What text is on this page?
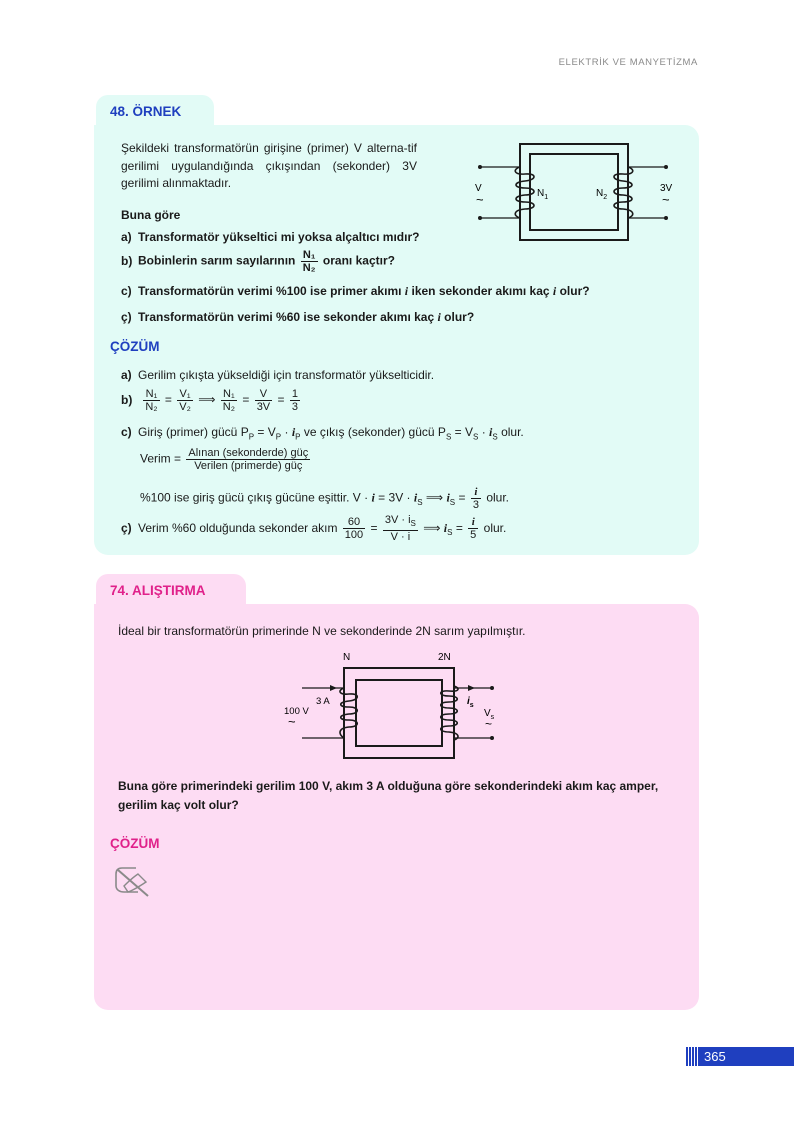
ELEKTRİK VE MANYETİZMA
48. ÖRNEK
Şekildeki transformatörün girişine (primer) V alterna-tif gerilimi uygulandığında çıkışından (sekonder) 3V gerilimi alınmaktadır.	V
~
3V
~
$N_1$	$N_2$
Buna göre
a) Transformatör yükseltici mi yoksa alçaltıcı mıdır?
b) Bobinlerin sarım sayılarının $\frac{\text{N₁}}{\text{N₂}}$ oranı kaçtır?
c) Transformatörün verimi %100 ise primer akımı i iken sekonder akımı kaç i olur?
ç) Transformatörün verimi %60 ise sekonder akımı kaç i olur?
ÇÖZÜM
a) Gerilim çıkışta yükseldiği için transformatör yükselticidir.
$b) \frac{\text{N₁}}{\text{N₂}} = \frac{\text{V₁}}{\text{V₂}}$ ⟹ $\frac{\text{N₁}}{\text{N₂}} = \frac{V}{3V} = \frac{1}{3}$
c) Giriş (primer) gücü $P_P = V_P \cdot i_P$ ve çıkış (sekonder) gücü $P_S = V_S \cdot i_S$ olur.
Verim = $\frac{\text{Alınan (sekonderde) güç}}{\text{Verilen (primerde) güç}}$
%100 ise giriş gücü çıkış gücüne eşittir. $V \cdot i = 3V \cdot i_S$ ⟹ $i_S = \frac{i}{3}$ olur.
ç) Verim %60 olduğunda sekonder akım $\frac{60}{100} = \frac{3V \cdot i_S}{V \cdot i}$ ⟹ $i_S = \frac{i}{5}$ olur.
74. ALIŞTIRMA
İdeal bir transformatörün primerinde N ve sekonderinde 2N sarım yapılmıştır.
N	2N
3 A
100 V
~
$i_s$
$V_s$
~
Buna göre primerindeki gerilim 100 V, akım 3 A olduğuna göre sekonderindeki akım kaç amper, gerilim kaç volt olur?
ÇÖZÜM
365
